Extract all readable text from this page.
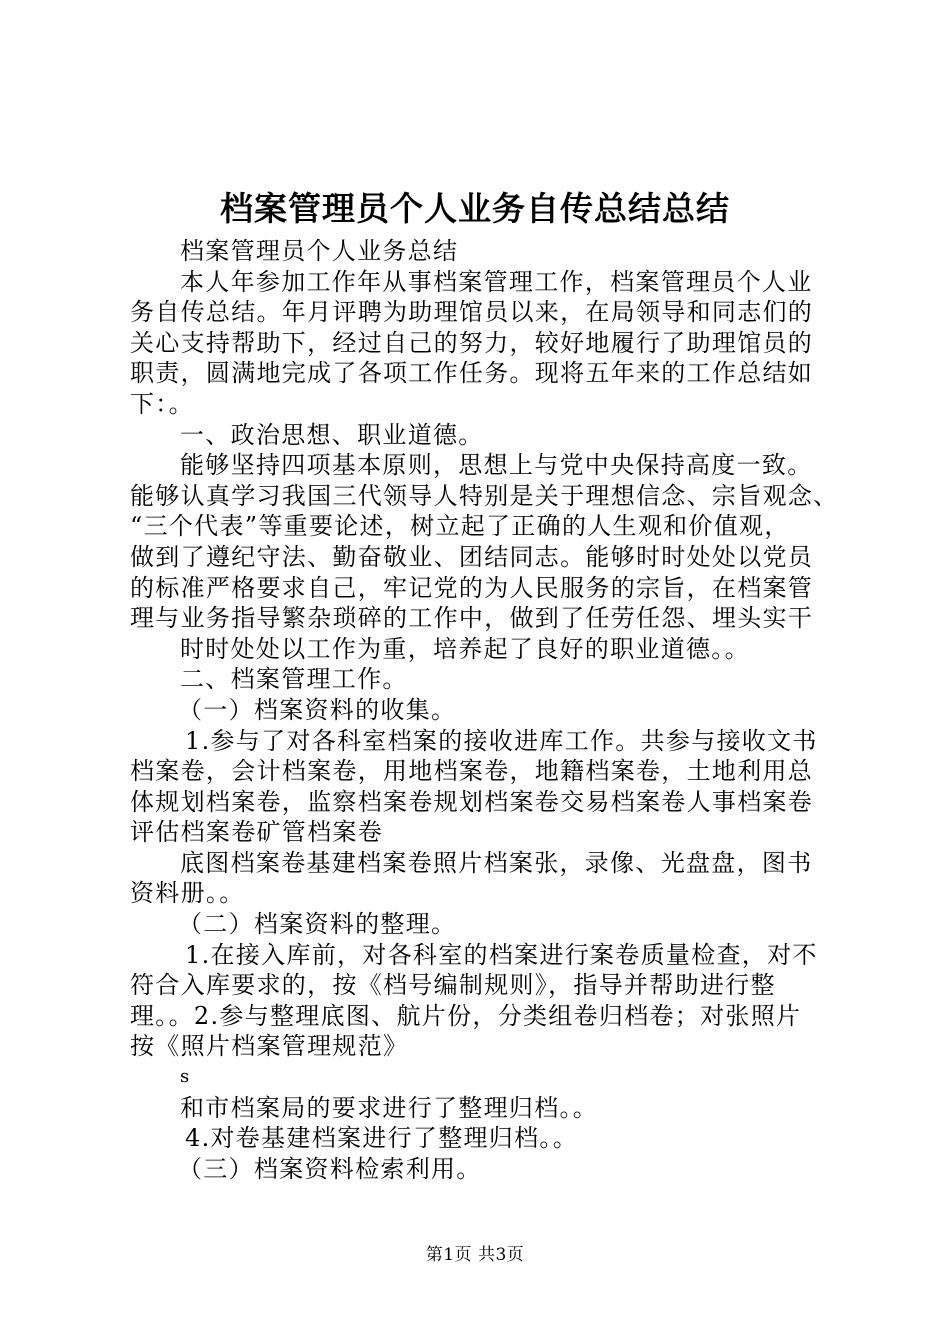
档案管理员个人业务自传总结总结

档案管理员个人业务总结

本人年参加工作年从事档案管理工作，档案管理员个人业

务自传总结。年月评聘为助理馆员以来，在局领导和同志们的

关心支持帮助下，经过自己的努力，较好地履行了助理馆员的

职责，圆满地完成了各项工作任务。现将五年来的工作总结如

下：。

一、政治思想、职业道德。

能够坚持四项基本原则，思想上与党中央保持高度一致。

能够认真学习我国三代领导人特别是关于理想信念、宗旨观念、

“三个代表”等重要论述，树立起了正确的人生观和价值观，

做到了遵纪守法、勤奋敬业、团结同志。能够时时处处以党员

的标准严格要求自己，牢记党的为人民服务的宗旨，在档案管

理与业务指导繁杂琐碎的工作中，做到了任劳任怨、埋头实干

时时处处以工作为重，培养起了良好的职业道德。。

二、档案管理工作。

（一）档案资料的收集。

1.参与了对各科室档案的接收进库工作。共参与接收文书

档案卷，会计档案卷，用地档案卷，地籍档案卷，土地利用总

体规划档案卷，监察档案卷规划档案卷交易档案卷人事档案卷

评估档案卷矿管档案卷

底图档案卷基建档案卷照片档案张，录像、光盘盘，图书

资料册。。

（二）档案资料的整理。

1.在接入库前，对各科室的档案进行案卷质量检查，对不

符合入库要求的，按《档号编制规则》，指导并帮助进行整

理。。2.参与整理底图、航片份，分类组卷归档卷；对张照片

按《照片档案管理规范》

s

和市档案局的要求进行了整理归档。。

4.对卷基建档案进行了整理归档。。

（三）档案资料检索利用。

第1页 共3页
